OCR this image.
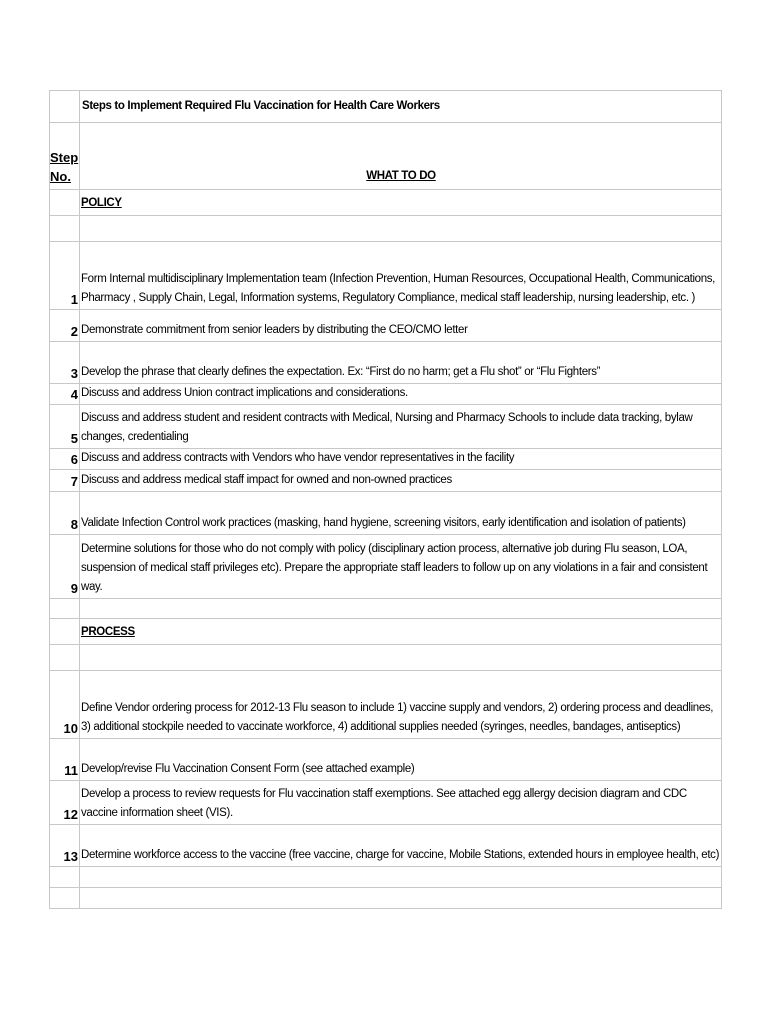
	Steps to Implement Required Flu Vaccination for Health Care Workers
Step
No.	WHAT TO DO
	POLICY

1	Form Internal multidisciplinary Implementation team (Infection Prevention, Human Resources, Occupational Health, Communications, Pharmacy , Supply Chain, Legal, Information systems, Regulatory Compliance, medical staff leadership, nursing leadership, etc. )
2	Demonstrate commitment from senior leaders by distributing the CEO/CMO letter
3	Develop the phrase that clearly defines the expectation. Ex: “First do no harm; get a Flu shot” or “Flu Fighters”
4	Discuss and address Union contract implications and considerations.
5	Discuss and address student and resident contracts with Medical, Nursing and Pharmacy Schools to include data tracking, bylaw changes, credentialing
6	Discuss and address contracts with Vendors who have vendor representatives in the facility
7	Discuss and address medical staff impact for owned and non-owned practices
8	Validate Infection Control work practices (masking, hand hygiene, screening visitors, early identification and isolation of patients)
9	Determine solutions for those who do not comply with policy (disciplinary action process, alternative job during Flu season, LOA, suspension of medical staff privileges etc). Prepare the appropriate staff leaders to follow up on any violations in a fair and consistent way.

	PROCESS

10	Define Vendor ordering process for 2012-13 Flu season to include 1) vaccine supply and vendors, 2) ordering process and deadlines, 3) additional stockpile needed to vaccinate workforce, 4) additional supplies needed (syringes, needles, bandages, antiseptics)
11	Develop/revise Flu Vaccination Consent Form (see attached example)
12	Develop a process to review requests for Flu vaccination staff exemptions. See attached egg allergy decision diagram and CDC vaccine information sheet (VIS).
13	Determine workforce access to the vaccine (free vaccine, charge for vaccine, Mobile Stations, extended hours in employee health, etc)
